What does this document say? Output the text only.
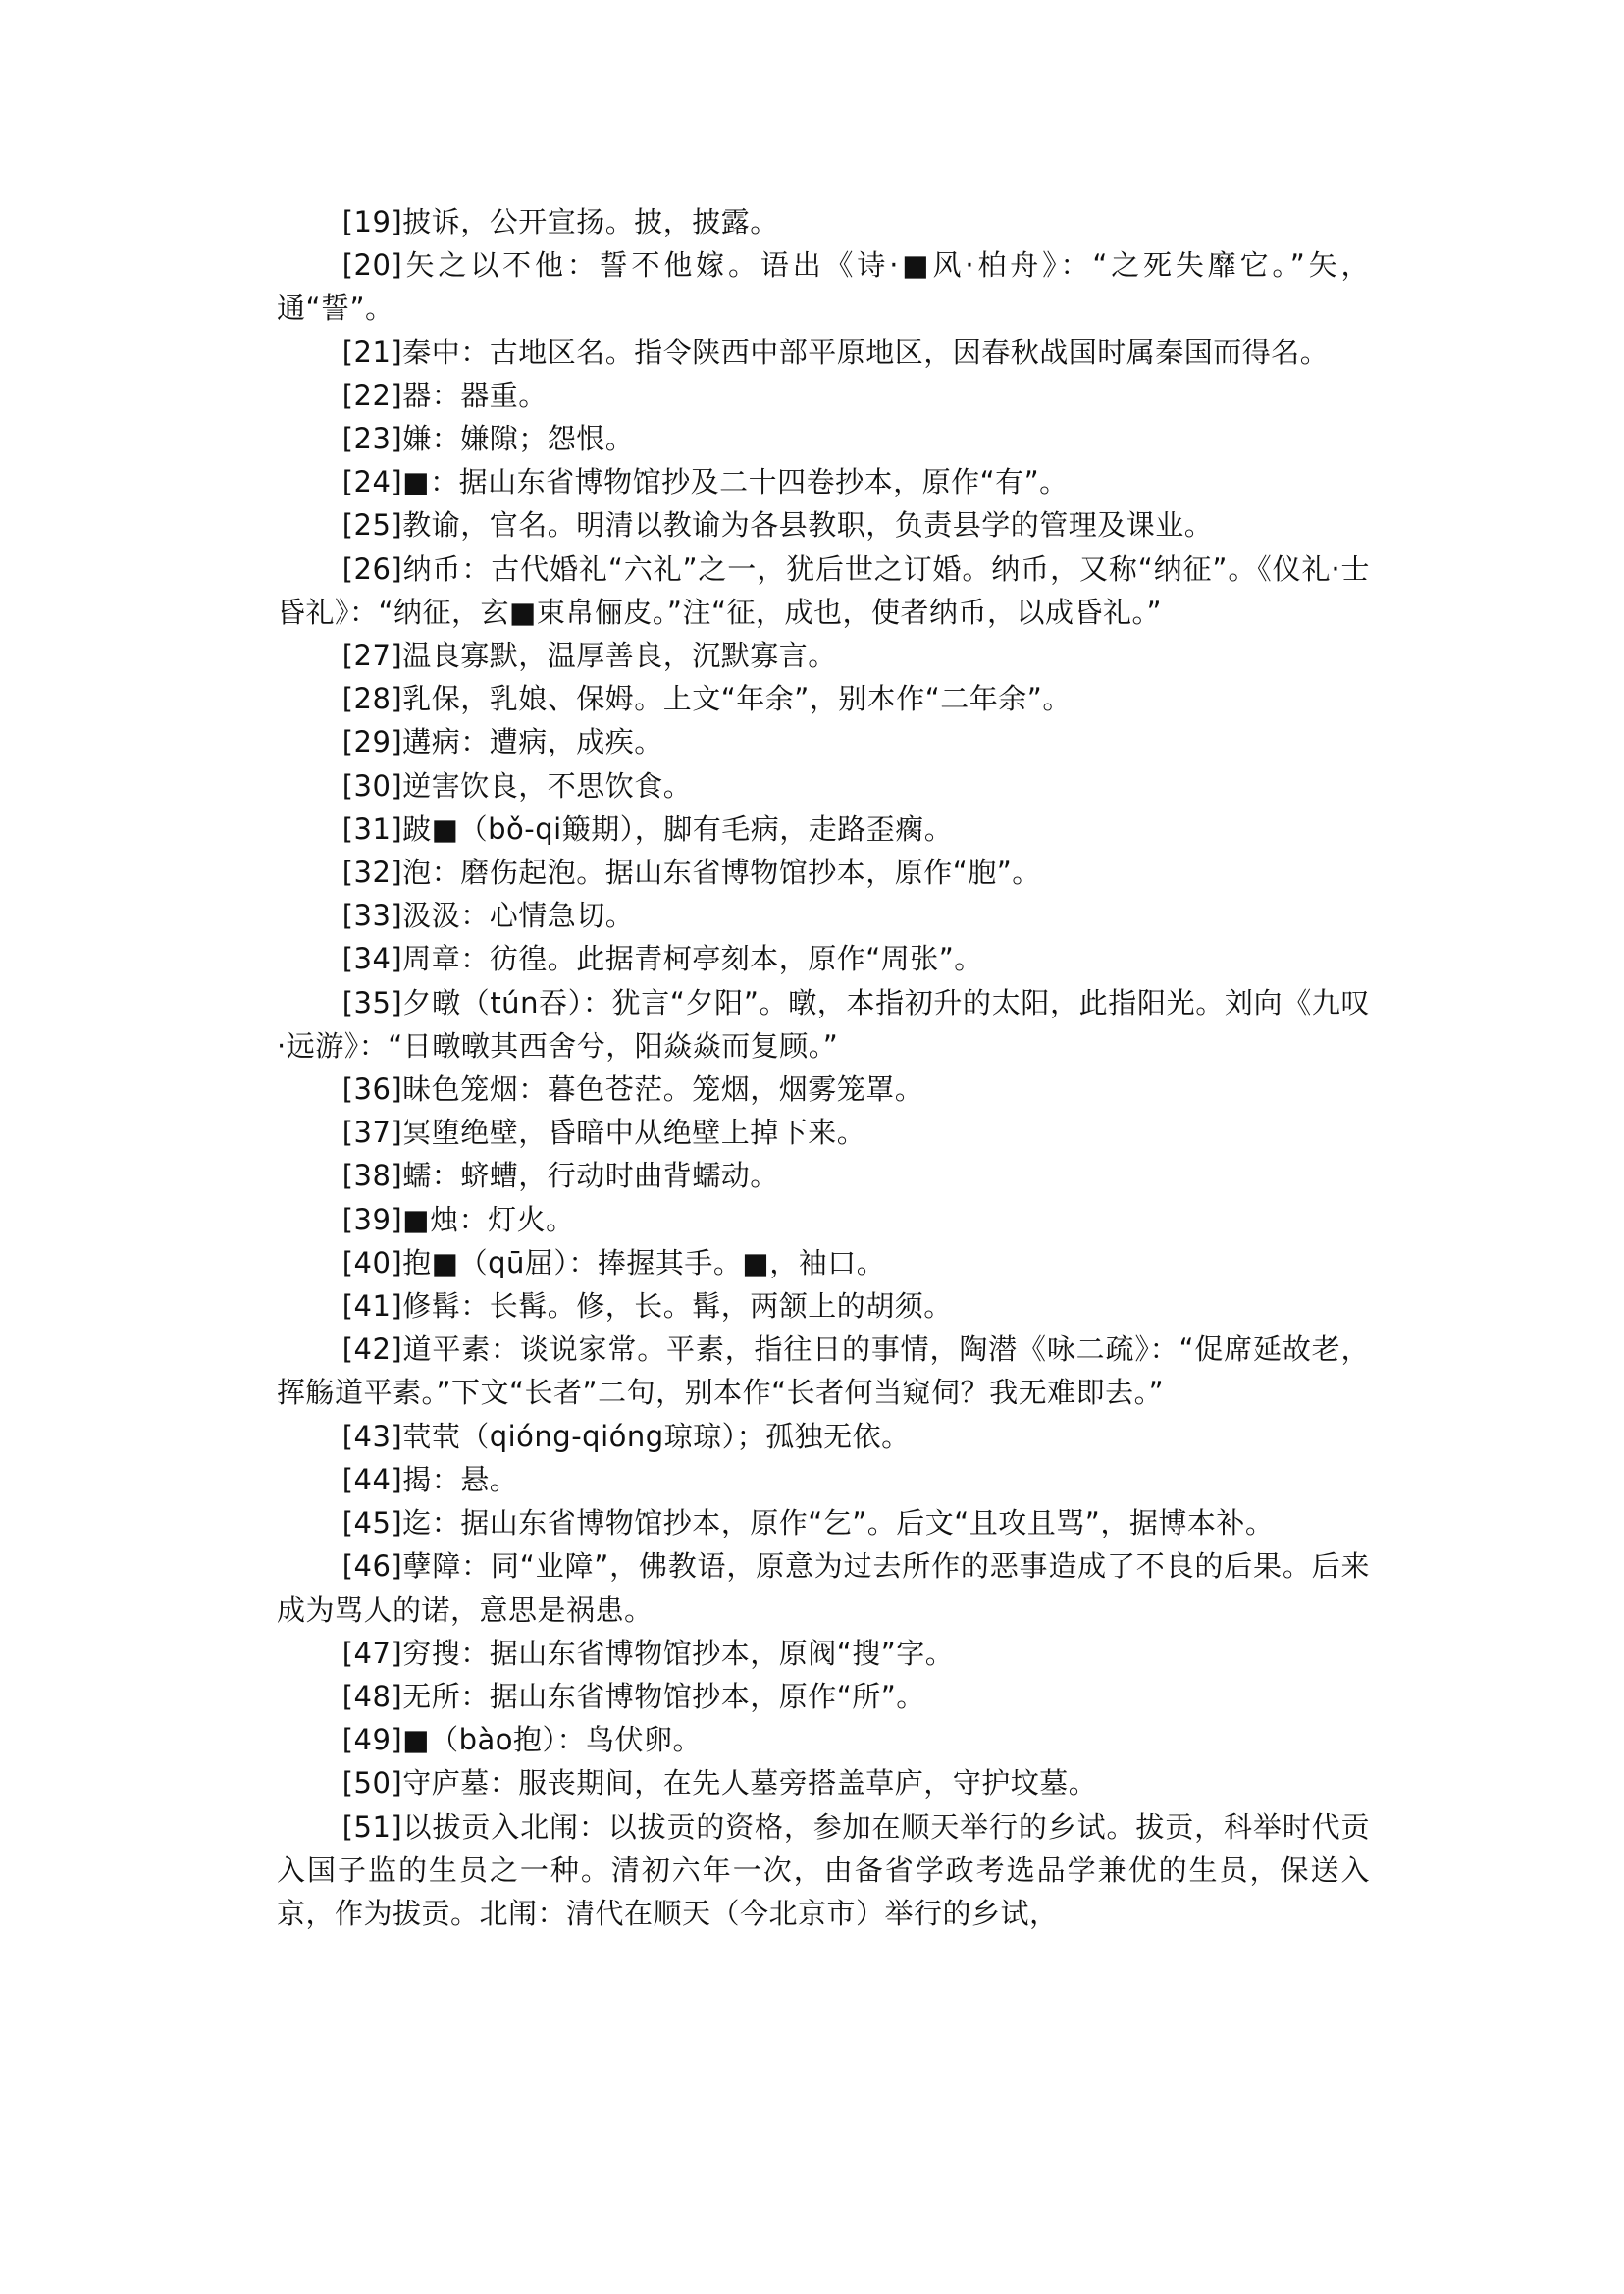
[19]披诉，公开宣扬。披，披露。

[20]矢之以不他：誓不他嫁。语出《诗·■风·柏舟》：“之死失靡它。”矢，通“誓”。

[21]秦中：古地区名。指令陕西中部平原地区，因春秋战国时属秦国而得名。

[22]器：器重。

[23]嫌：嫌隙；怨恨。

[24]■：据山东省博物馆抄及二十四卷抄本，原作“有”。

[25]教谕，官名。明清以教谕为各县教职，负责县学的管理及课业。

[26]纳币：古代婚礼“六礼”之一，犹后世之订婚。纳币，又称“纳征”。《仪礼·士昏礼》：“纳征，玄■束帛俪皮。”注“征，成也，使者纳币，以成昏礼。”

[27]温良寡默，温厚善良，沉默寡言。

[28]乳保，乳娘、保姆。上文“年余”，别本作“二年余”。

[29]遘病：遭病，成疾。

[30]逆害饮良，不思饮食。

[31]跛■（bǒ-qi簸期），脚有毛病，走路歪瘸。

[32]泡：磨伤起泡。据山东省博物馆抄本，原作“胞”。

[33]汲汲：心情急切。

[34]周章：彷徨。此据青柯亭刻本，原作“周张”。

[35]夕暾（tún吞）：犹言“夕阳”。暾，本指初升的太阳，此指阳光。刘向《九叹·远游》：“日暾暾其西舍兮，阳焱焱而复顾。”

[36]昧色笼烟：暮色苍茫。笼烟，烟雾笼罩。

[37]冥堕绝壁，昏暗中从绝壁上掉下来。

[38]蠕：蛴螬，行动时曲背蠕动。

[39]■烛：灯火。

[40]抱■（qū屈）：捧握其手。■，袖口。

[41]修髯：长髯。修，长。髯，两颔上的胡须。

[42]道平素：谈说家常。平素，指往日的事情，陶潜《咏二疏》：“促席延故老，挥觞道平素。”下文“长者”二句，别本作“长者何当窥伺？我无难即去。”

[43]茕茕（qióng-qióng琼琼）；孤独无依。

[44]揭：悬。

[45]迄：据山东省博物馆抄本，原作“乞”。后文“且攻且骂”，据博本补。

[46]孽障：同“业障”，佛教语，原意为过去所作的恶事造成了不良的后果。后来成为骂人的诺，意思是祸患。

[47]穷搜：据山东省博物馆抄本，原阀“搜”字。

[48]无所：据山东省博物馆抄本，原作“所”。

[49]■（bào抱）：鸟伏卵。

[50]守庐墓：服丧期间，在先人墓旁搭盖草庐，守护坟墓。

[51]以拔贡入北闱：以拔贡的资格，参加在顺天举行的乡试。拔贡，科举时代贡入国子监的生员之一种。清初六年一次，由备省学政考选品学兼优的生员，保送入京，作为拔贡。北闱：清代在顺天（今北京市）举行的乡试，
